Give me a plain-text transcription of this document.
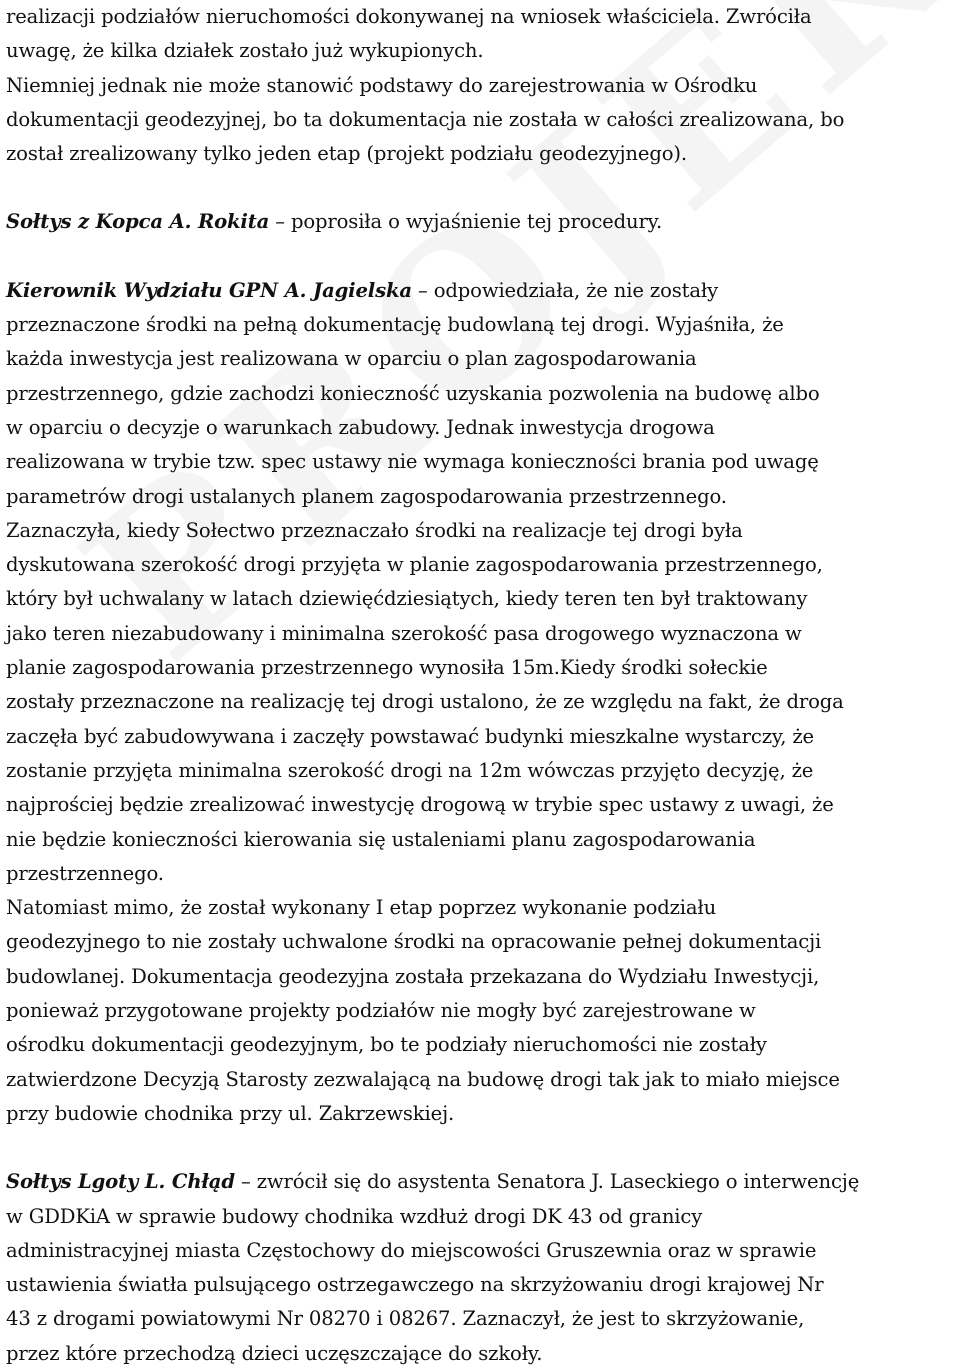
realizacji podziałów nieruchomości dokonywanej na wniosek właściciela. Zwróciła
uwagę, że kilka działek zostało już wykupionych.
Niemniej jednak nie może stanowić podstawy do zarejestrowania w Ośrodku
dokumentacji geodezyjnej, bo ta dokumentacja nie została w całości zrealizowana, bo
został zrealizowany tylko jeden etap (projekt podziału geodezyjnego).
Sołtys z Kopca A. Rokita – poprosiła o wyjaśnienie tej procedury.
Kierownik Wydziału GPN A. Jagielska – odpowiedziała, że nie zostały
przeznaczone środki na pełną dokumentację budowlaną tej drogi. Wyjaśniła, że
każda inwestycja jest realizowana w oparciu o plan zagospodarowania
przestrzennego, gdzie zachodzi konieczność uzyskania pozwolenia na budowę albo
w oparciu o decyzje o warunkach zabudowy. Jednak inwestycja drogowa
realizowana w trybie tzw. spec ustawy nie wymaga konieczności brania pod uwagę
parametrów drogi ustalanych planem zagospodarowania przestrzennego.
Zaznaczyła, kiedy Sołectwo przeznaczało środki na realizacje tej drogi była
dyskutowana szerokość drogi przyjęta w planie zagospodarowania przestrzennego,
który był uchwalany w latach dziewięćdziesiątych, kiedy teren ten był traktowany
jako teren niezabudowany i minimalna szerokość pasa drogowego wyznaczona w
planie zagospodarowania przestrzennego wynosiła 15m.Kiedy środki sołeckie
zostały przeznaczone na realizację tej drogi ustalono, że ze względu na fakt, że droga
zaczęła być zabudowywana i zaczęły powstawać budynki mieszkalne wystarczy, że
zostanie przyjęta minimalna szerokość drogi na 12m wówczas przyjęto decyzję, że
najprościej będzie zrealizować inwestycję drogową w trybie spec ustawy z uwagi, że
nie będzie konieczności kierowania się ustaleniami planu zagospodarowania
przestrzennego.
Natomiast mimo, że został wykonany I etap poprzez wykonanie podziału
geodezyjnego to nie zostały uchwalone środki na opracowanie pełnej dokumentacji
budowlanej. Dokumentacja geodezyjna została przekazana do Wydziału Inwestycji,
ponieważ przygotowane projekty podziałów nie mogły być zarejestrowane w
ośrodku dokumentacji geodezyjnym, bo te podziały nieruchomości nie zostały
zatwierdzone Decyzją Starosty zezwalającą na budowę drogi tak jak to miało miejsce
przy budowie chodnika przy ul. Zakrzewskiej.
Sołtys Lgoty L. Chłąd – zwrócił się do asystenta Senatora J. Laseckiego o interwencję
w GDDKiA w sprawie budowy chodnika wzdłuż drogi DK 43 od granicy
administracyjnej miasta Częstochowy do miejscowości Gruszewnia oraz w sprawie
ustawienia światła pulsującego ostrzegawczego na skrzyżowaniu drogi krajowej Nr
43 z drogami powiatowymi Nr 08270 i 08267. Zaznaczył, że jest to skrzyżowanie,
przez które przechodzą dzieci uczęszczające do szkoły.
